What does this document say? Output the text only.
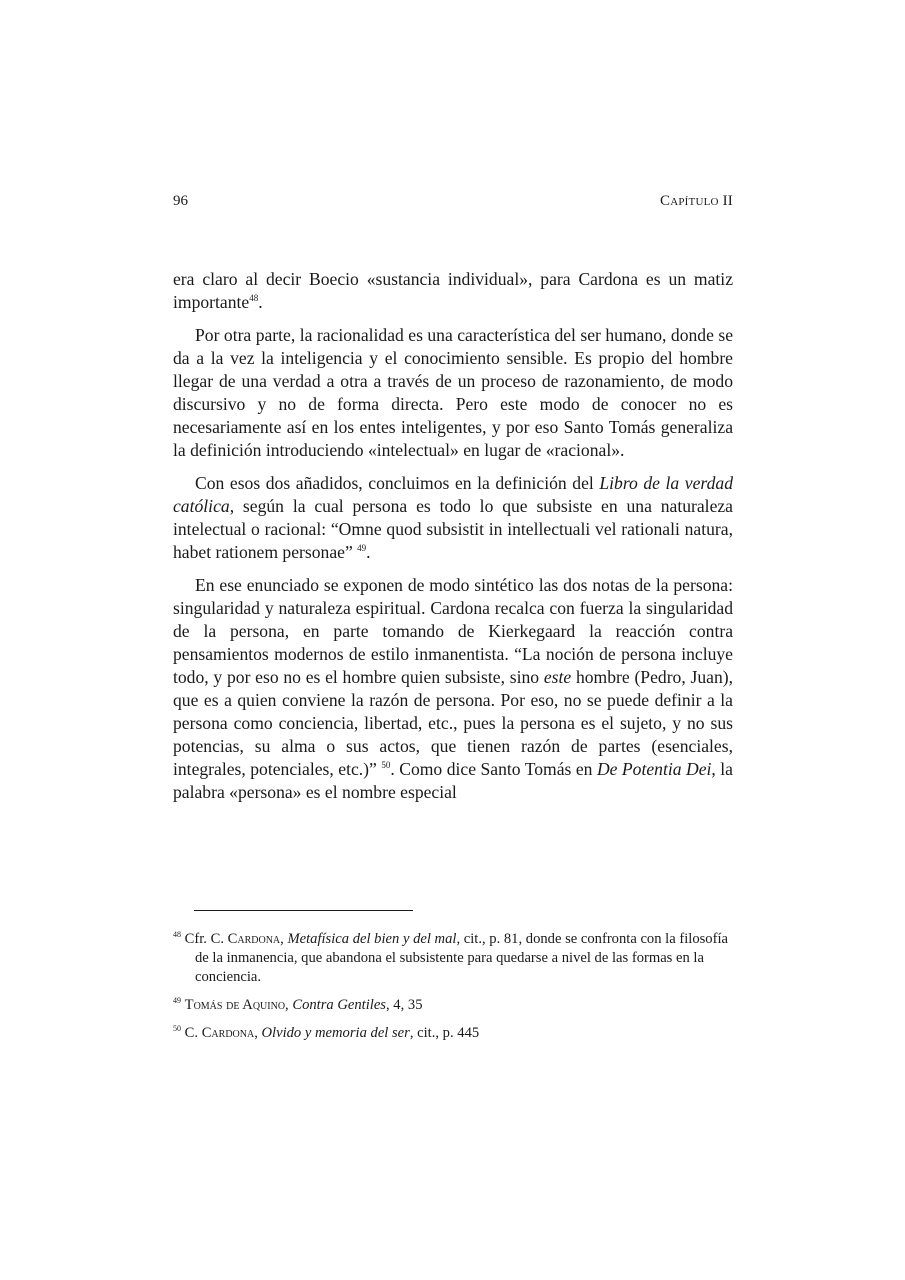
96	Capítulo II

era claro al decir Boecio «sustancia individual», para Cardona es un matiz importante$^{48}$.

Por otra parte, la racionalidad es una característica del ser humano, donde se da a la vez la inteligencia y el conocimiento sensible. Es propio del hombre llegar de una verdad a otra a través de un proceso de razonamiento, de modo discursivo y no de forma directa. Pero este modo de conocer no es necesariamente así en los entes inteligentes, y por eso Santo Tomás generaliza la definición introduciendo «intelectual» en lugar de «racional».

Con esos dos añadidos, concluimos en la definición del Libro de la verdad católica, según la cual persona es todo lo que subsiste en una naturaleza intelectual o racional: “Omne quod subsistit in intellectuali vel rationali natura, habet rationem personae” $^{49}$.

En ese enunciado se exponen de modo sintético las dos notas de la persona: singularidad y naturaleza espiritual. Cardona recalca con fuerza la singularidad de la persona, en parte tomando de Kierkegaard la reacción contra pensamientos modernos de estilo inmanentista. “La noción de persona incluye todo, y por eso no es el hombre quien subsiste, sino este hombre (Pedro, Juan), que es a quien conviene la razón de persona. Por eso, no se puede definir a la persona como conciencia, libertad, etc., pues la persona es el sujeto, y no sus potencias, su alma o sus actos, que tienen razón de partes (esenciales, integrales, potenciales, etc.)” $^{50}$. Como dice Santo Tomás en De Potentia Dei, la palabra «persona» es el nombre especial

$^{48}$ Cfr. C. Cardona, Metafísica del bien y del mal, cit., p. 81, donde se confronta con la filosofía de la inmanencia, que abandona el subsistente para quedarse a nivel de las formas en la conciencia.
$^{49}$ Tomás de Aquino, Contra Gentiles, 4, 35
$^{50}$ C. Cardona, Olvido y memoria del ser, cit., p. 445
